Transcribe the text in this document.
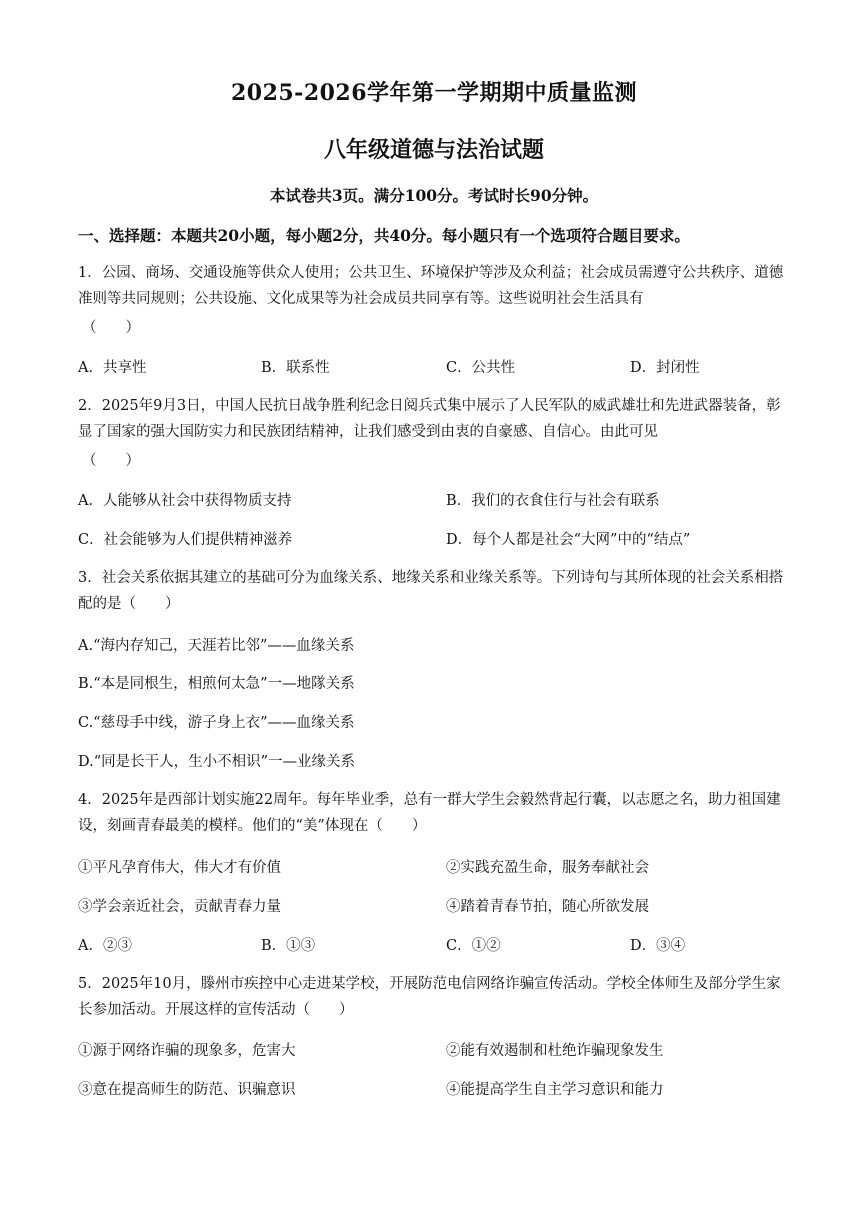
2025-2026学年第一学期期中质量监测
八年级道德与法治试题
本试卷共3页。满分100分。考试时长90分钟。
一、选择题：本题共20小题，每小题2分，共40分。每小题只有一个选项符合题目要求。
1．公园、商场、交通设施等供众人使用；公共卫生、环境保护等涉及众利益；社会成员需遵守公共秩序、道德准则等共同规则；公共设施、文化成果等为社会成员共同享有等。这些说明社会生活具有
（　　）
A．共享性	B．联系性	C．公共性	D．封闭性
2．2025年9月3日，中国人民抗日战争胜利纪念日阅兵式集中展示了人民军队的威武雄壮和先进武器装备，彰显了国家的强大国防实力和民族团结精神，让我们感受到由衷的自豪感、自信心。由此可见
（　　）
A．人能够从社会中获得物质支持	B．我们的衣食住行与社会有联系
C．社会能够为人们提供精神滋养	D．每个人都是社会“大网”中的“结点”
3．社会关系依据其建立的基础可分为血缘关系、地缘关系和业缘关系等。下列诗句与其所体现的社会关系相搭配的是（　　）
A.“海内存知己，天涯若比邻”——血缘关系
B.“本是同根生，相煎何太急”一—地隊关系
C.“慈母手中线，游子身上衣”——血缘关系
D.“同是长干人，生小不相识”一—业缘关系
4．2025年是西部计划实施22周年。每年毕业季，总有一群大学生会毅然背起行囊，以志愿之名，助力祖国建设，刻画青春最美的模样。他们的“美”体现在（　　）
①平凡孕育伟大，伟大才有价值	②实践充盈生命，服务奉献社会
③学会亲近社会，贡献青春力量	④踏着青春节拍，随心所欲发展
A．②③	B．①③	C．①②	D．③④
5．2025年10月，滕州市疾控中心走进某学校，开展防范电信网络诈骗宣传活动。学校全体师生及部分学生家长参加活动。开展这样的宣传活动（　　）
①源于网络诈骗的现象多，危害大	②能有效遏制和杜绝诈骗现象发生
③意在提高师生的防范、识骗意识	④能提高学生自主学习意识和能力
